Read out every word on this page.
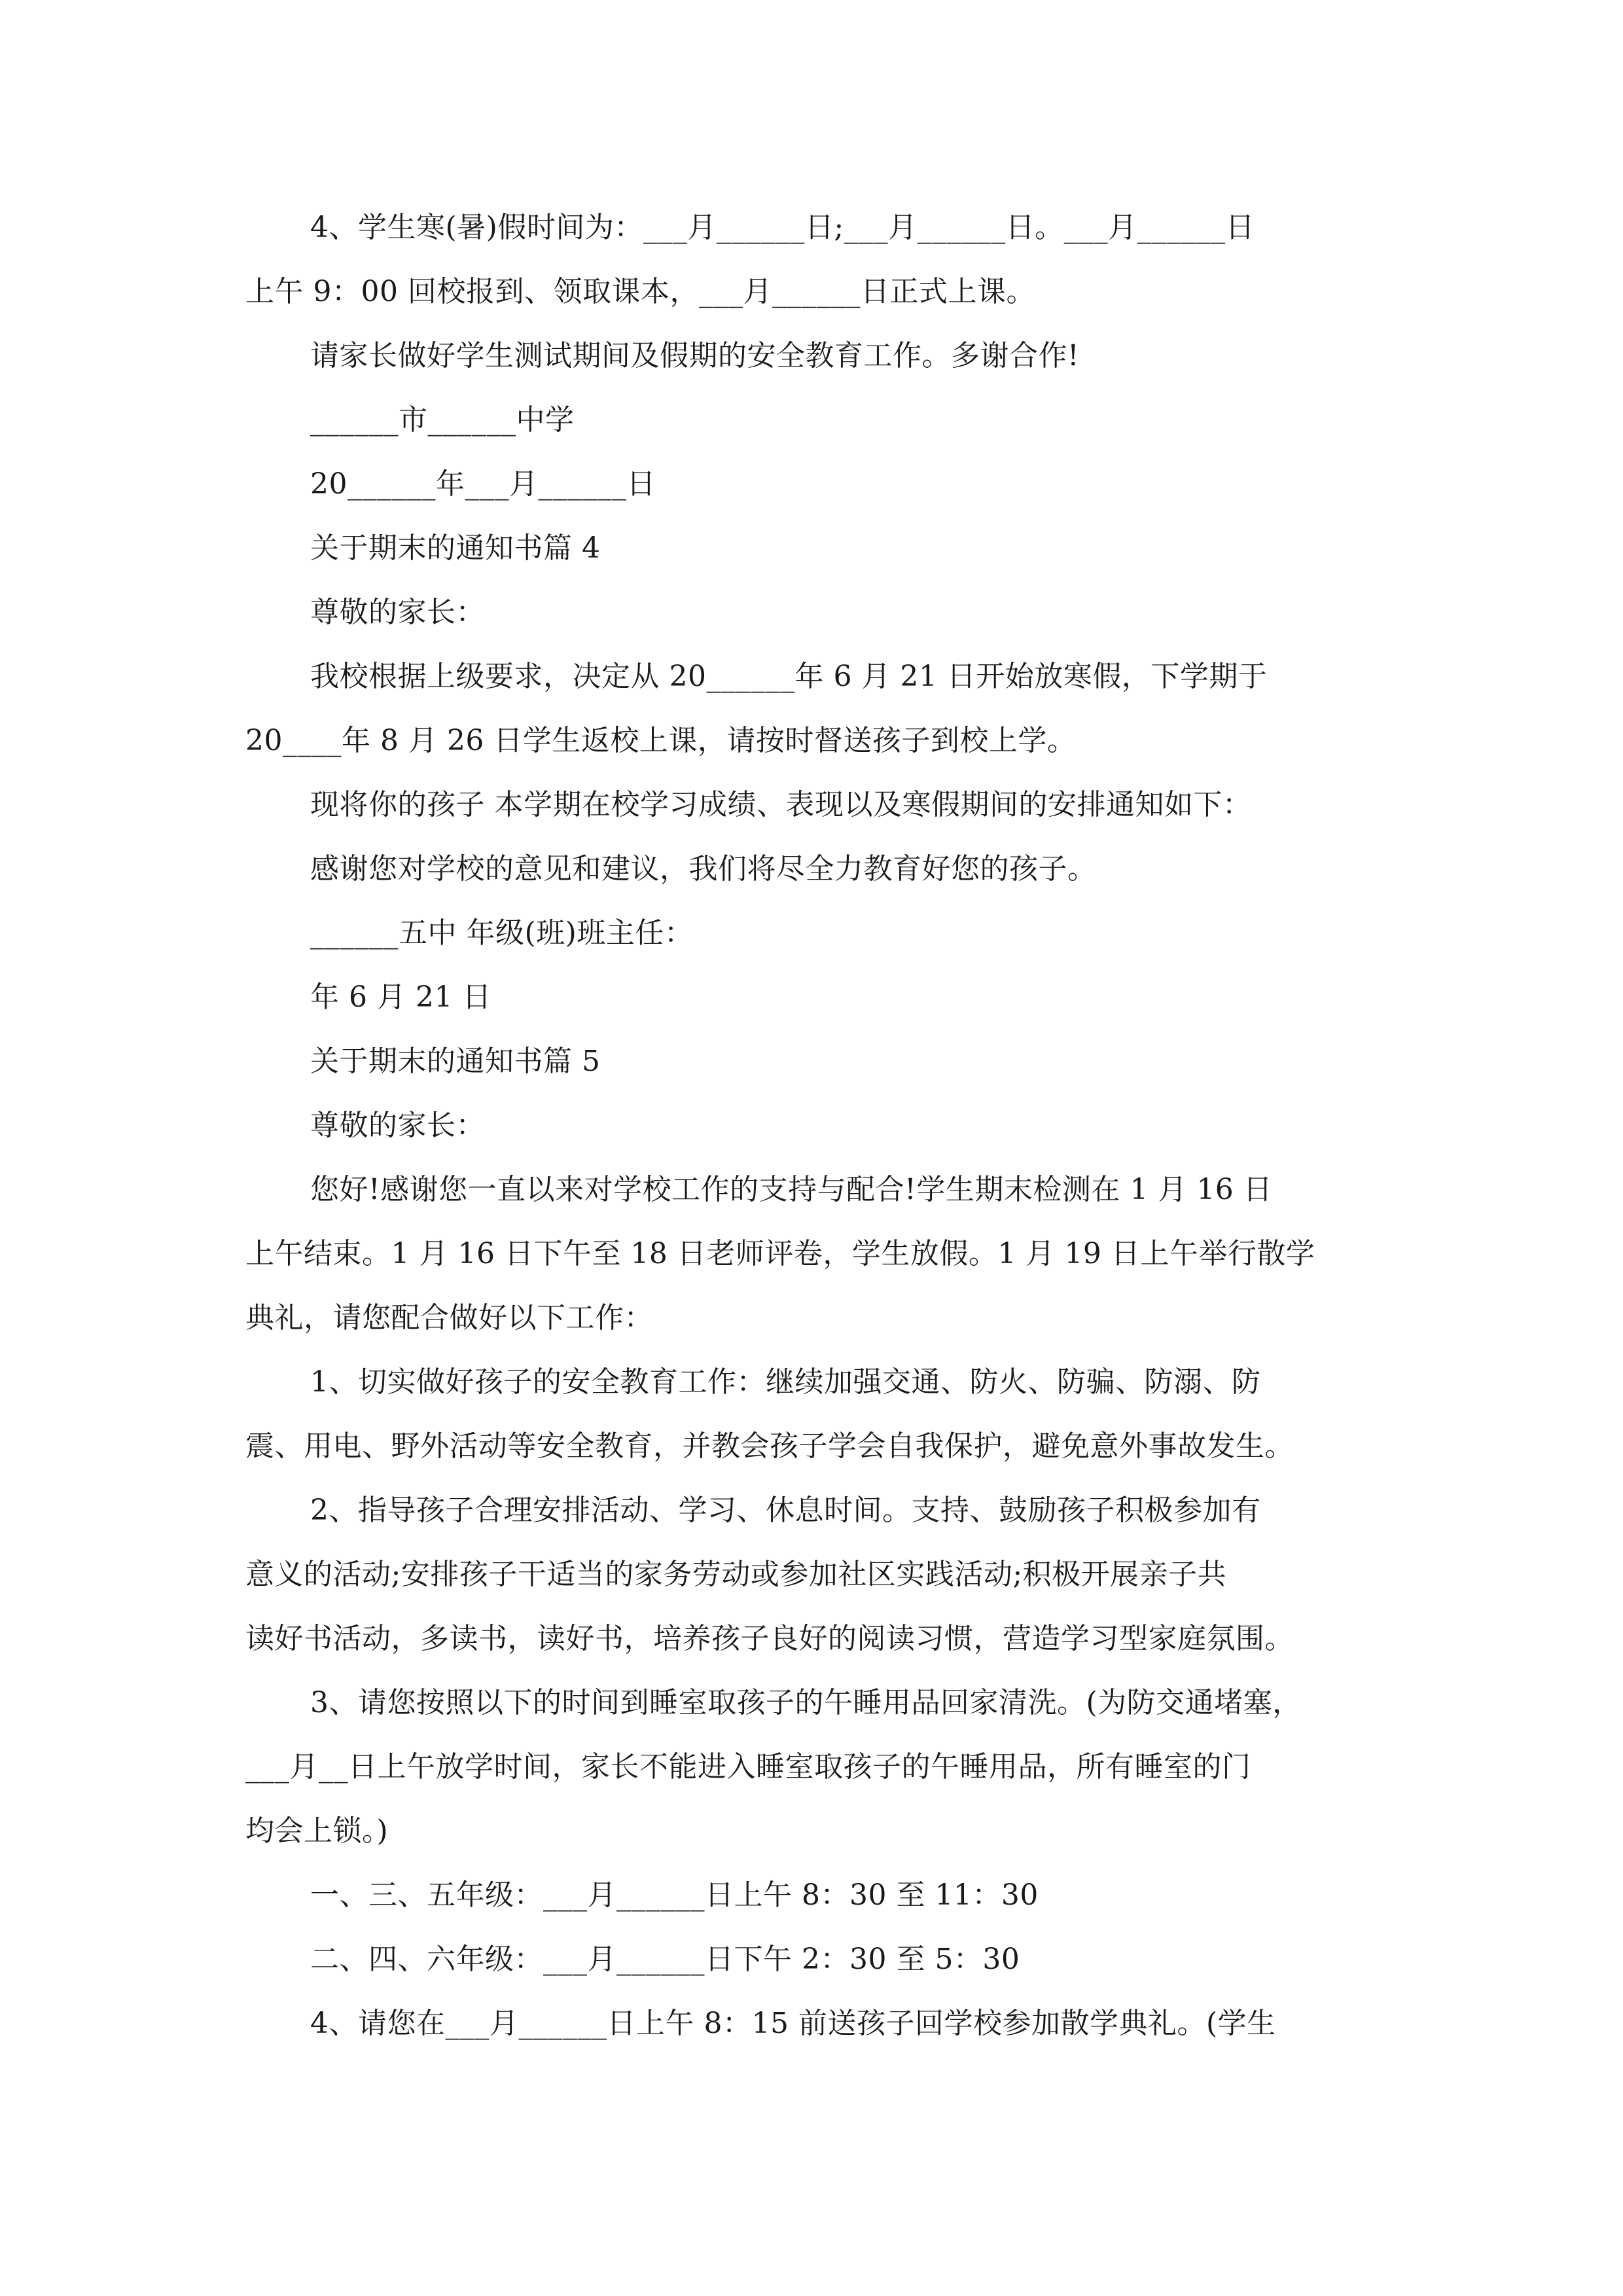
4、学生寒(暑)假时间为：___月______日;___月______日。___月______日
上午 9：00 回校报到、领取课本，___月______日正式上课。
请家长做好学生测试期间及假期的安全教育工作。多谢合作!
______市______中学
20______年___月______日
关于期末的通知书篇 4
尊敬的家长：
我校根据上级要求，决定从 20______年 6 月 21 日开始放寒假，下学期于
20____年 8 月 26 日学生返校上课，请按时督送孩子到校上学。
现将你的孩子 本学期在校学习成绩、表现以及寒假期间的安排通知如下：
感谢您对学校的意见和建议，我们将尽全力教育好您的孩子。
______五中 年级(班)班主任：
年 6 月 21 日
关于期末的通知书篇 5
尊敬的家长：
您好!感谢您一直以来对学校工作的支持与配合!学生期末检测在 1 月 16 日
上午结束。1 月 16 日下午至 18 日老师评卷，学生放假。1 月 19 日上午举行散学
典礼，请您配合做好以下工作：
1、切实做好孩子的安全教育工作：继续加强交通、防火、防骗、防溺、防
震、用电、野外活动等安全教育，并教会孩子学会自我保护，避免意外事故发生。
2、指导孩子合理安排活动、学习、休息时间。支持、鼓励孩子积极参加有
意义的活动;安排孩子干适当的家务劳动或参加社区实践活动;积极开展亲子共
读好书活动，多读书，读好书，培养孩子良好的阅读习惯，营造学习型家庭氛围。
3、请您按照以下的时间到睡室取孩子的午睡用品回家清洗。(为防交通堵塞，
___月__日上午放学时间，家长不能进入睡室取孩子的午睡用品，所有睡室的门
均会上锁。)
一、三、五年级：___月______日上午 8：30 至 11：30
二、四、六年级：___月______日下午 2：30 至 5：30
4、请您在___月______日上午 8：15 前送孩子回学校参加散学典礼。(学生
